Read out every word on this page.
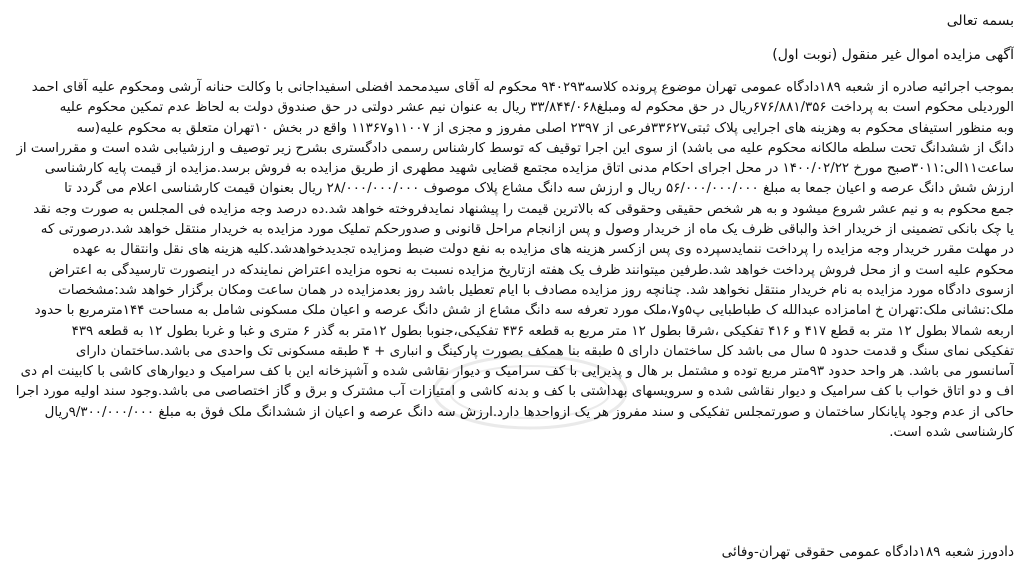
بسمه تعالی
آگهی مزایده اموال غیر منقول (نوبت اول)
بموجب اجرائیه صادره از شعبه ۱۸۹دادگاه عمومی تهران موضوع پرونده کلاسه۹۴۰۲۹۳ محکوم له آقای سیدمحمد افضلی اسفیداجانی با وکالت حنانه آرشی ومحکوم علیه آقای احمد
الوردیلی محکوم است به پرداخت ۶۷۶/۸۸۱/۳۵۶ریال در حق محکوم له ومبلغ۳۳/۸۴۴/۰۶۸ ریال به عنوان نیم عشر دولتی در حق صندوق دولت به لحاظ عدم تمکین محکوم علیه
وبه منظور استیفای محکوم به وهزینه های اجرایی پلاک ثبتی۳۳۶۲۷فرعی از ۲۳۹۷ اصلی مفروز و مجزی از ۱۱۰۰۷و۱۱۳۶۷ واقع در بخش ۱۰تهران متعلق به محکوم علیه(سه
دانگ از ششدانگ تحت سلطه مالکانه محکوم علیه می باشد) از سوی این اجرا توقیف که توسط کارشناس رسمی دادگستری بشرح زیر توصیف و ارزشیابی شده است و مقرراست از
ساعت۱۱الی:۳۰۱۱صبح مورخ ۱۴۰۰/۰۲/۲۲ در محل اجرای احکام مدنی اتاق مزایده مجتمع قضایی شهید مطهری از طریق مزایده به فروش برسد.مزایده از قیمت پایه کارشناسی
ارزش شش دانگ عرصه و اعیان جمعا به مبلغ ۵۶/۰۰۰/۰۰۰/۰۰۰ ریال و ارزش سه دانگ مشاع پلاک موصوف ۲۸/۰۰۰/۰۰۰/۰۰۰ ریال بعنوان قیمت کارشناسی اعلام می گردد تا
جمع محکوم به و نیم عشر شروع میشود و به هر شخص حقیقی وحقوقی که بالاترین قیمت را پیشنهاد نمایدفروخته خواهد شد.ده درصد وجه مزایده فی المجلس به صورت وجه نقد
یا چک بانکی تضمینی از خریدار اخذ والباقی ظرف یک ماه از خریدار وصول و پس ازانجام مراحل قانونی و صدورحکم تملیک مورد مزایده به خریدار منتقل خواهد شد.درصورتی که
در مهلت مقرر خریدار وجه مزایده را پرداخت ننمایدسپرده وی پس ازکسر هزینه های مزایده به نفع دولت ضبط ومزایده تجدیدخواهدشد.کلیه هزینه های نقل وانتقال به عهده
محکوم علیه است و از محل فروش پرداخت خواهد شد.طرفین میتوانند ظرف یک هفته ازتاریخ مزایده نسبت به نحوه مزایده اعتراض نمایندکه در اینصورت تارسیدگی به اعتراض
ازسوی دادگاه مورد مزایده به نام خریدار منتقل نخواهد شد. چنانچه روز مزایده مصادف با ایام تعطیل باشد روز بعدمزایده در همان ساعت ومکان برگزار خواهد شد:مشخصات
ملک:نشانی ملک:تهران خ امامزاده عبدالله ک طباطبایی پ۵و۷،ملک مورد تعرفه سه دانگ مشاع از شش دانگ عرصه و اعیان ملک مسکونی شامل به مساحت ۱۴۴مترمربع با حدود
اربعه شمالا بطول ۱۲ متر به قطع ۴۱۷ و ۴۱۶ تفکیکی ،شرقا بطول ۱۲ متر مربع به قطعه ۴۳۶ تفکیکی،جنوبا بطول ۱۲متر به گذر ۶ متری و غبا و غربا بطول ۱۲ به قطعه ۴۳۹
تفکیکی نمای سنگ و قدمت حدود ۵ سال می باشد کل ساختمان دارای ۵ طبقه بنا همکف بصورت پارکینگ و انباری + ۴ طبقه مسکونی تک واحدی می باشد.ساختمان دارای
آسانسور می باشد. هر واحد حدود ۹۳متر مربع توده و مشتمل بر هال و پذیرایی با کف سرامیک و دیوار نقاشی شده و آشپزخانه این با کف سرامیک و دیوارهای کاشی با کابینت ام دی
اف و دو اتاق خواب با کف سرامیک و دیوار نقاشی شده و سرویسهای بهداشتی با کف و بدنه کاشی و امتیازات آب مشترک و برق و گاز اختصاصی می باشد.وجود سند اولیه مورد اجرا
حاکی از عدم وجود پایانکار ساختمان و صورتمجلس تفکیکی و سند مفروز هر یک ازواحدها دارد.ارزش سه دانگ عرصه و اعیان از ششدانگ ملک فوق به مبلغ ۹/۳۰۰/۰۰۰/۰۰۰ریال
کارشناسی شده است.
دادورز شعبه ۱۸۹دادگاه عمومی حقوقی تهران-وفائی
